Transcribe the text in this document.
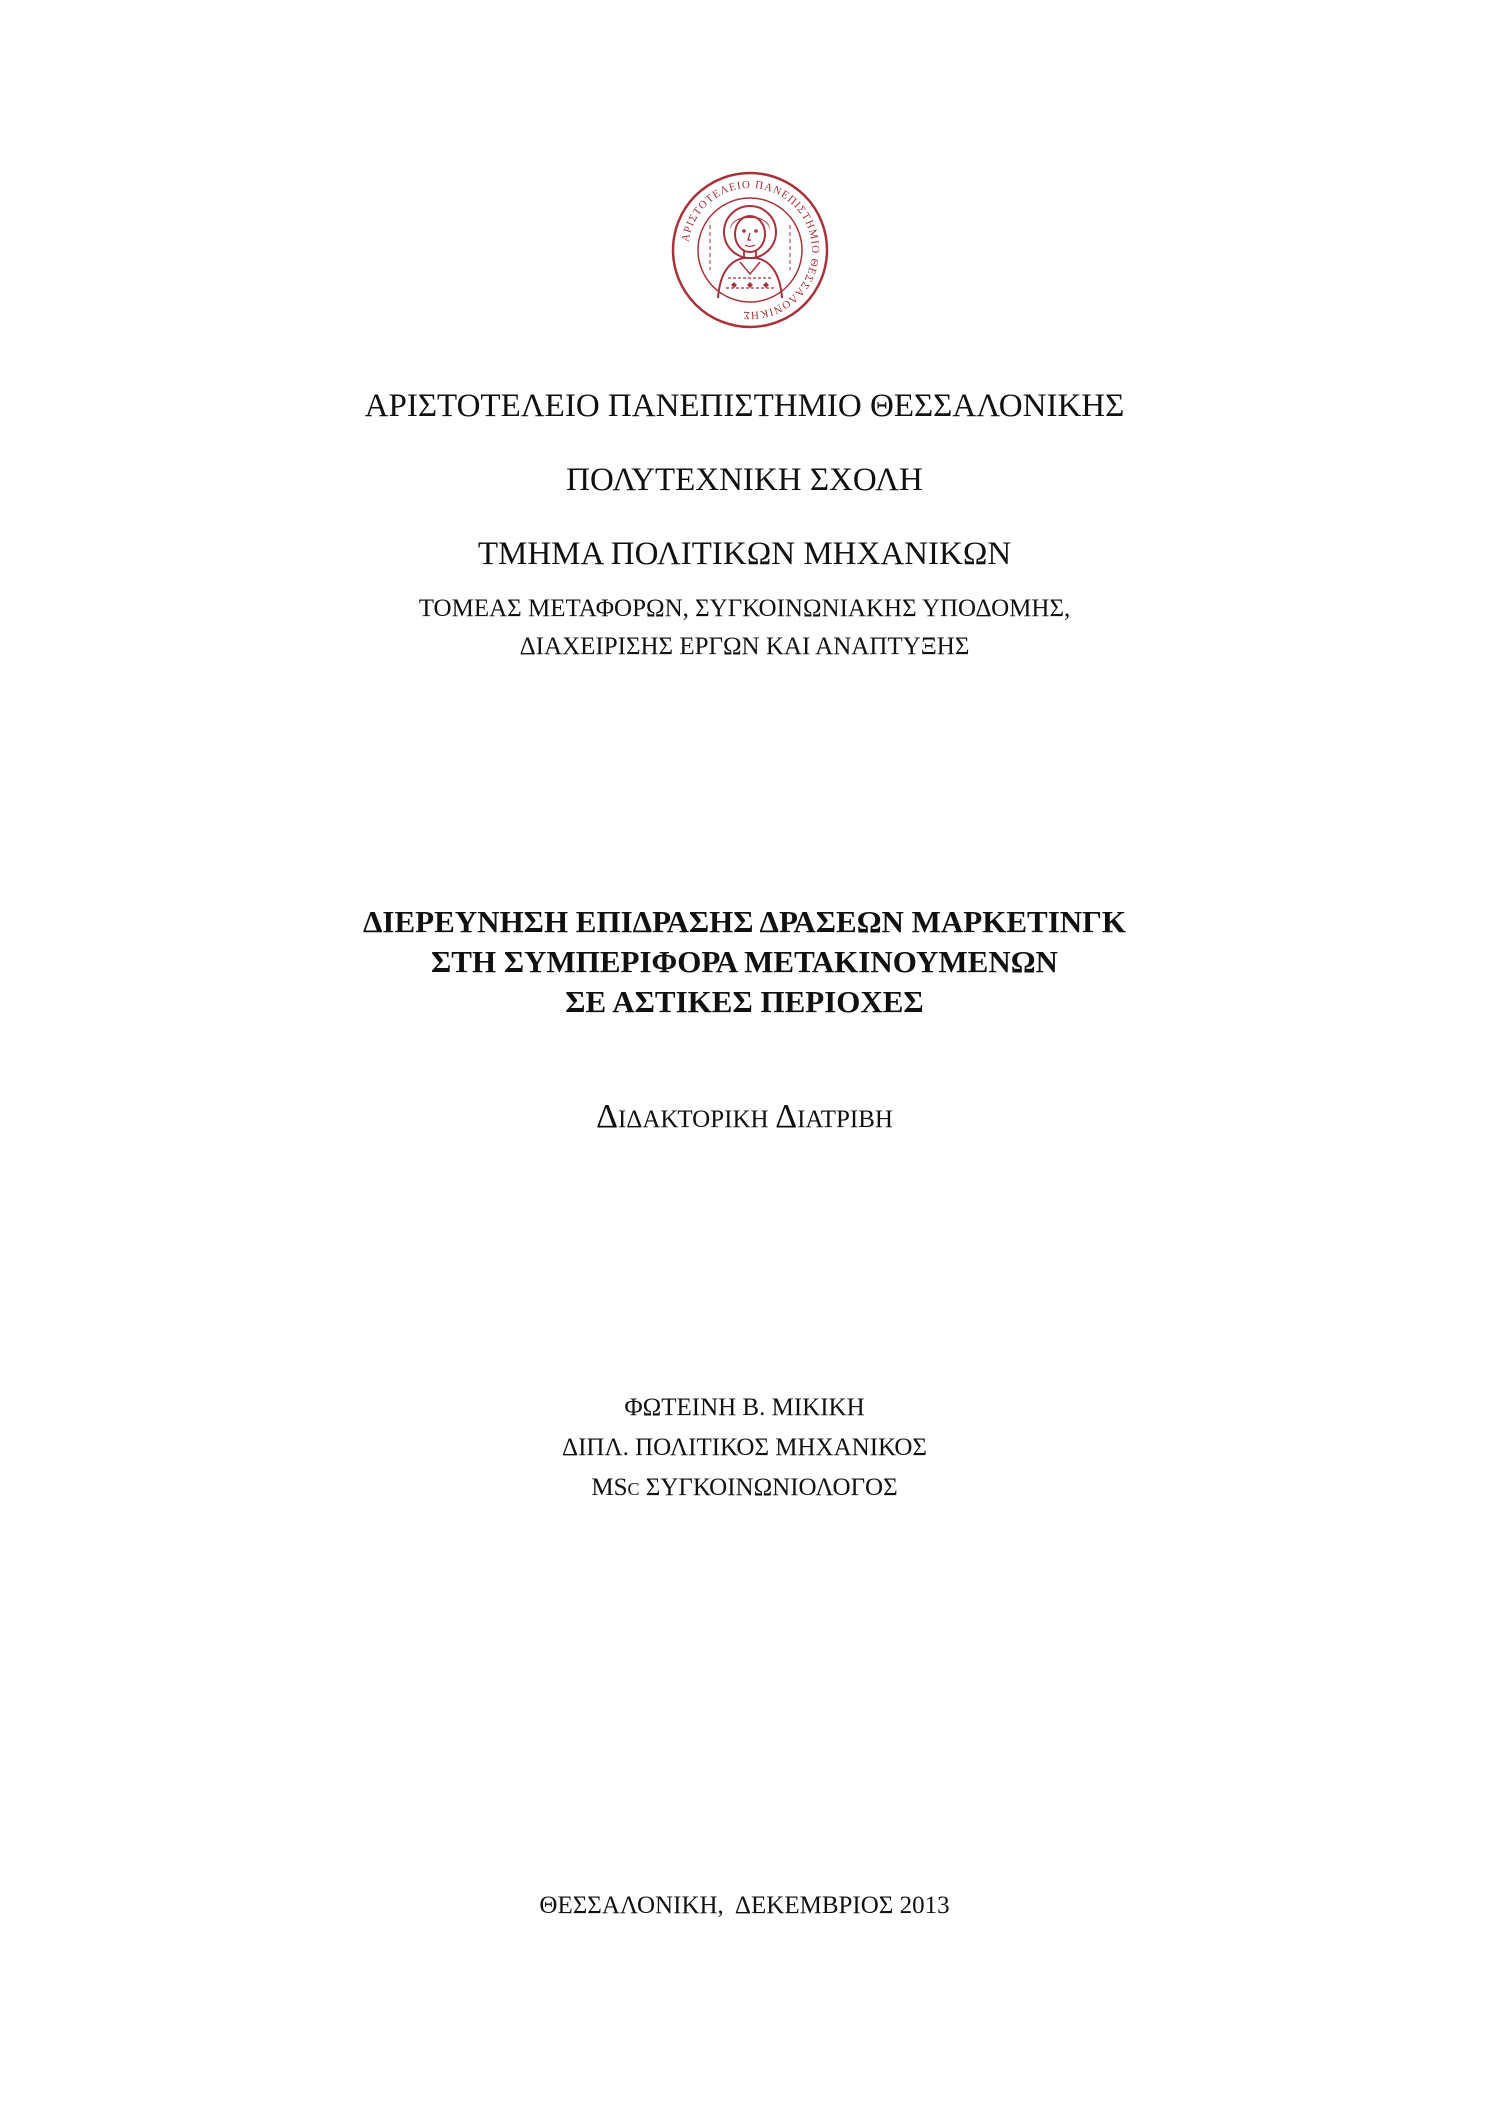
ΑΡΙΣΤΟΤΕΛΕΙΟ ΠΑΝΕΠΙΣΤΗΜΙΟ ΘΕΣΣΑΛΟΝΙΚΗΣ
ΑΡΙΣΤΟΤΕΛΕΙΟ ΠΑΝΕΠΙΣΤΗΜΙΟ ΘΕΣΣΑΛΟΝΙΚΗΣ
ΠΟΛΥΤΕΧΝΙΚΗ ΣΧΟΛΗ
ΤΜΗΜΑ ΠΟΛΙΤΙΚΩΝ ΜΗΧΑΝΙΚΩΝ
ΤΟΜΕΑΣ ΜΕΤΑΦΟΡΩΝ, ΣΥΓΚΟΙΝΩΝΙΑΚΗΣ ΥΠΟΔΟΜΗΣ,
ΔΙΑΧΕΙΡΙΣΗΣ ΕΡΓΩΝ ΚΑΙ ΑΝΑΠΤΥΞΗΣ
ΔΙΕΡΕΥΝΗΣΗ ΕΠΙΔΡΑΣΗΣ ΔΡΑΣΕΩΝ ΜΑΡΚΕΤΙΝΓΚ
ΣΤΗ ΣΥΜΠΕΡΙΦΟΡΑ ΜΕΤΑΚΙΝΟΥΜΕΝΩΝ
ΣΕ ΑΣΤΙΚΕΣ ΠΕΡΙΟΧΕΣ
ΔΙΔΑΚΤΟΡΙΚΗ ΔΙΑΤΡΙΒΗ
ΦΩΤΕΙΝΗ Β. ΜΙΚΙΚΗ
ΔΙΠΛ. ΠΟΛΙΤΙΚΟΣ ΜΗΧΑΝΙΚΟΣ
MSC ΣΥΓΚΟΙΝΩΝΙΟΛΟΓΟΣ
ΘΕΣΣΑΛΟΝΙΚΗ,  ΔΕΚΕΜΒΡΙΟΣ 2013
